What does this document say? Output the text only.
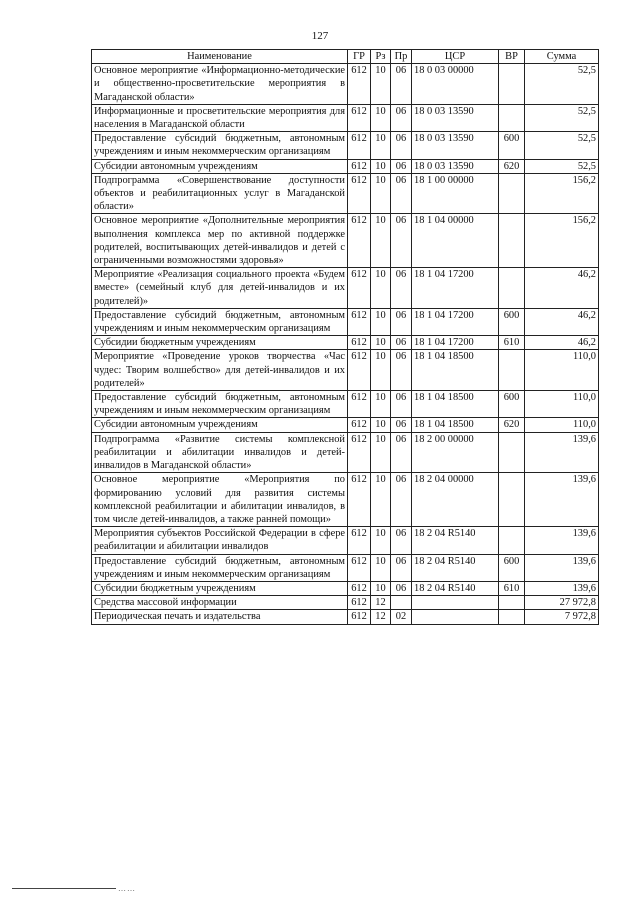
127
Наименование	ГР	Рз	Пр	ЦСР	ВР	Сумма
Основное мероприятие «Информационно-методические и общественно-просветительские мероприятия в Магаданской области»	612	10	06	18 0 03 00000		52,5
Информационные и просветительские мероприятия для населения в Магаданской области	612	10	06	18 0 03 13590		52,5
Предоставление субсидий бюджетным, автономным учреждениям и иным некоммерческим организациям	612	10	06	18 0 03 13590	600	52,5
Субсидии автономным учреждениям	612	10	06	18 0 03 13590	620	52,5
Подпрограмма «Совершенствование доступности объектов и реабилитационных услуг в Магаданской области»	612	10	06	18 1 00 00000		156,2
Основное мероприятие «Дополнительные мероприятия выполнения комплекса мер по активной поддержке родителей, воспитывающих детей-инвалидов и детей с ограниченными возможностями здоровья»	612	10	06	18 1 04 00000		156,2
Мероприятие «Реализация социального проекта «Будем вместе» (семейный клуб для детей-инвалидов и их родителей)»	612	10	06	18 1 04 17200		46,2
Предоставление субсидий бюджетным, автономным учреждениям и иным некоммерческим организациям	612	10	06	18 1 04 17200	600	46,2
Субсидии бюджетным учреждениям	612	10	06	18 1 04 17200	610	46,2
Мероприятие «Проведение уроков творчества «Час чудес: Творим волшебство» для детей-инвалидов и их родителей»	612	10	06	18 1 04 18500		110,0
Предоставление субсидий бюджетным, автономным учреждениям и иным некоммерческим организациям	612	10	06	18 1 04 18500	600	110,0
Субсидии автономным учреждениям	612	10	06	18 1 04 18500	620	110,0
Подпрограмма «Развитие системы комплексной реабилитации и абилитации инвалидов и детей-инвалидов в Магаданской области»	612	10	06	18 2 00 00000		139,6
Основное мероприятие «Мероприятия по формированию условий для развития системы комплексной реабилитации и абилитации инвалидов, в том числе детей-инвалидов, а также ранней помощи»	612	10	06	18 2 04 00000		139,6
Мероприятия субъектов Российской Федерации в сфере реабилитации и абилитации инвалидов	612	10	06	18 2 04 R5140		139,6
Предоставление субсидий бюджетным, автономным учреждениям и иным некоммерческим организациям	612	10	06	18 2 04 R5140	600	139,6
Субсидии бюджетным учреждениям	612	10	06	18 2 04 R5140	610	139,6
Средства массовой информации	612	12				27 972,8
Периодическая печать и издательства	612	12	02			7 972,8
……
